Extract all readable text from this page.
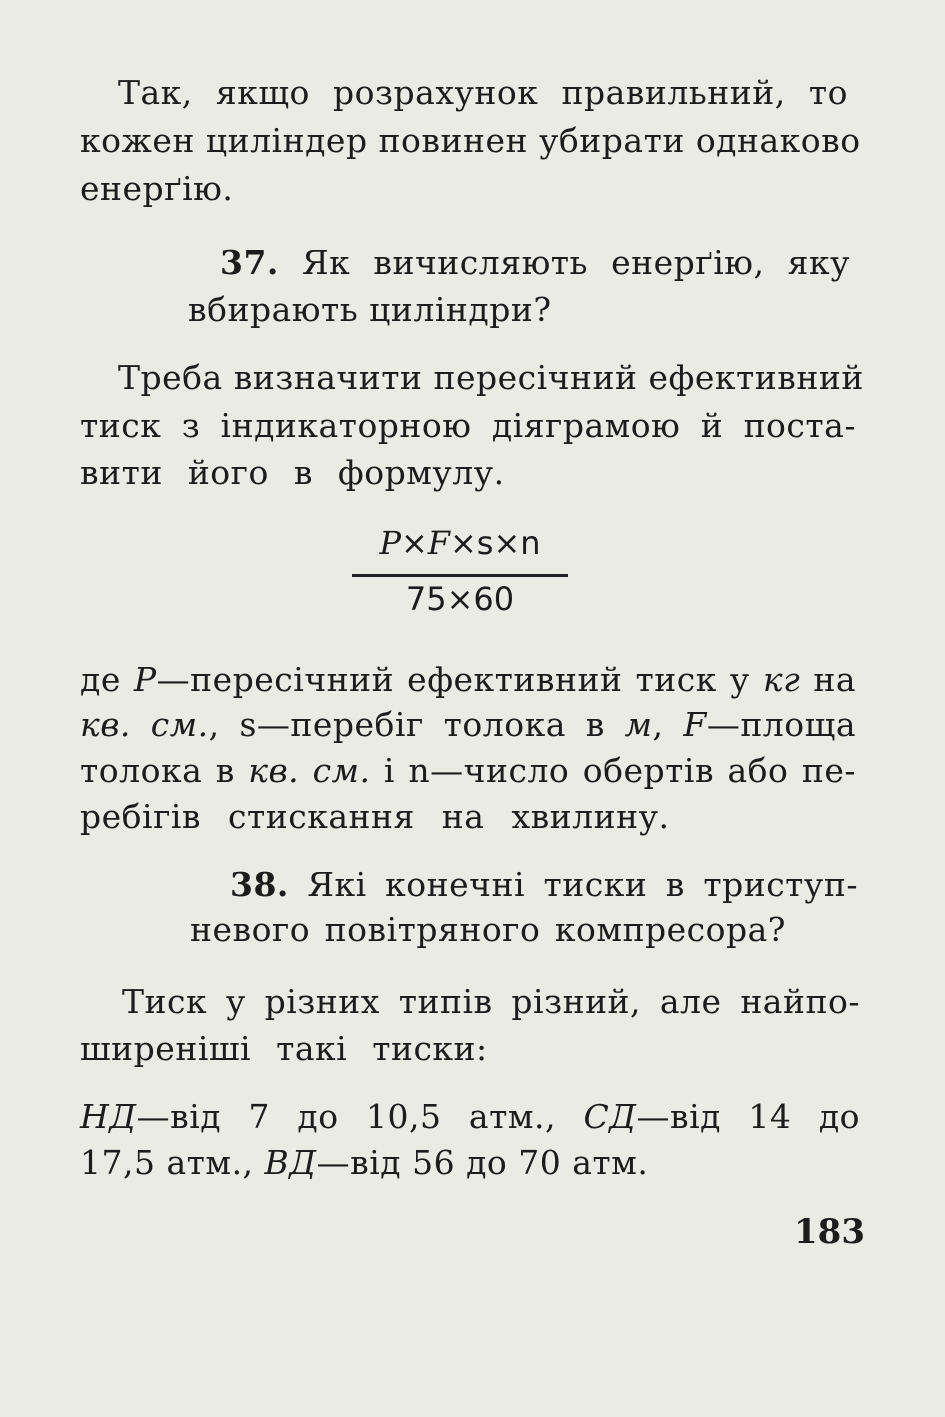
Так, якщо розрахунок правильний, то
кожен циліндер повинен убирати однаково
енерґію.
37. Як вичисляють енерґію, яку
вбирають циліндри?
Треба визначити пересічний ефективний
тиск з індикаторною діяграмою й поста-
вити його в формулу.
P×F×s×n
75×60
де P—пересічний ефективний тиск у кг на
кв. см., s—перебіг толока в м, F—площа
толока в кв. см. і n—число обертів або пе-
ребігів стискання на хвилину.
38. Які конечні тиски в триступ-
невого повітряного компресора?
Тиск у різних типів різний, але найпо-
ширеніші такі тиски:
НД—від 7 до 10,5 атм., СД—від 14 до
17,5 атм., ВД—від 56 до 70 атм.
183
